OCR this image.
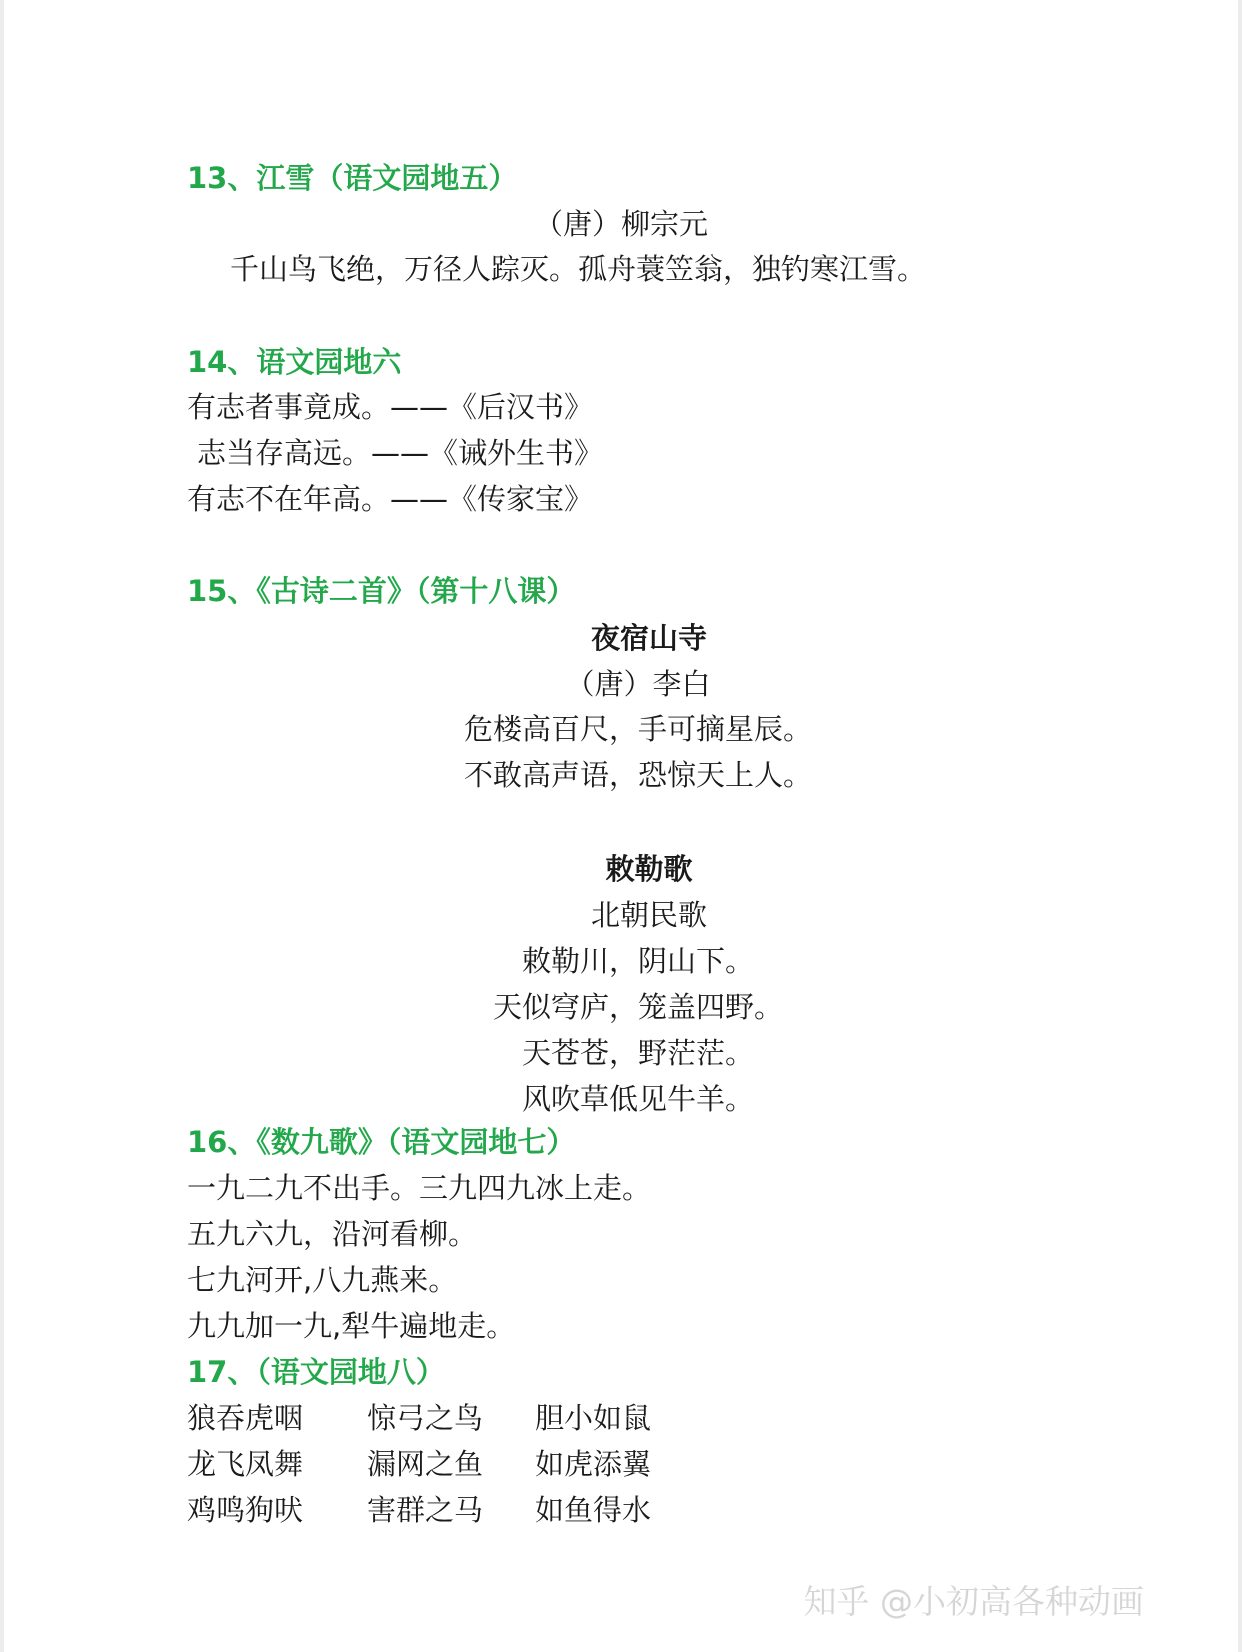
13、江雪（语文园地五）
（唐）柳宗元
千山鸟飞绝，万径人踪灭。孤舟蓑笠翁，独钓寒江雪。
14、语文园地六
有志者事竟成。——《后汉书》
志当存高远。——《诫外生书》
有志不在年高。——《传家宝》
15、《古诗二首》（第十八课）
夜宿山寺
（唐）李白
危楼高百尺，手可摘星辰。
不敢高声语，恐惊天上人。
敕勒歌
北朝民歌
敕勒川，阴山下。
天似穹庐，笼盖四野。
天苍苍，野茫茫。
风吹草低见牛羊。
16、《数九歌》（语文园地七）
一九二九不出手。三九四九冰上走。
五九六九，沿河看柳。
七九河开,八九燕来。
九九加一九,犁牛遍地走。
17、（语文园地八）
狼吞虎咽 惊弓之鸟 胆小如鼠
龙飞凤舞 漏网之鱼 如虎添翼
鸡鸣狗吠 害群之马 如鱼得水
知乎 @小初高各种动画
